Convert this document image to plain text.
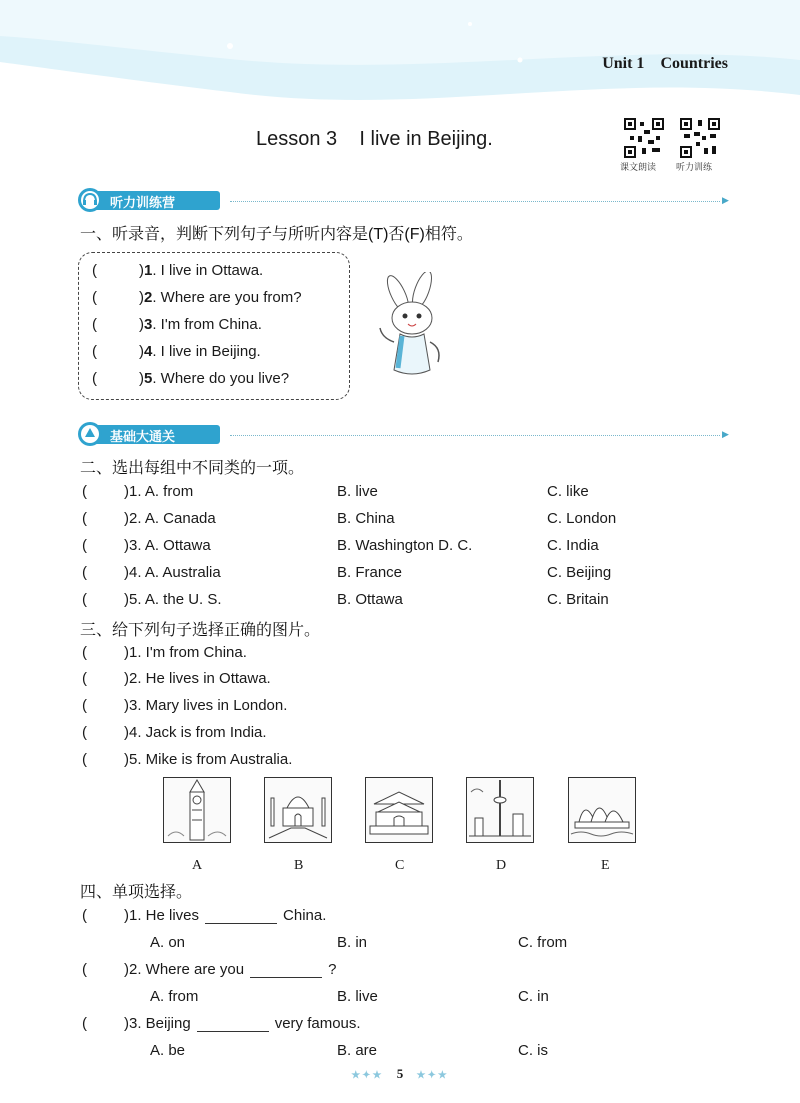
Unit 1 Countries
Lesson 3    I live in Beijing.
课文朗读 听力训练
听力训练营	▶
一、听录音，判断下列句子与所听内容是(T)否(F)相符。
(	)1. I live in Ottawa.
(	)2. Where are you from?
(	)3. I'm from China.
(	)4. I live in Beijing.
(	)5. Where do you live?
基础大通关	▶
二、选出每组中不同类的一项。
( )1. A. from	B. live	C. like
( )2. A. Canada	B. China	C. London
( )3. A. Ottawa	B. Washington D. C.	C. India
( )4. A. Australia	B. France	C. Beijing
( )5. A. the U. S.	B. Ottawa	C. Britain
三、给下列句子选择正确的图片。
( )1. I'm from China.
( )2. He lives in Ottawa.
( )3. Mary lives in London.
( )4. Jack is from India.
( )5. Mike is from Australia.
A	B	C	D	E
四、单项选择。
( )1. He lives	China.
A. on	B. in	C. from
( )2. Where are you	?
A. from	B. live	C. in
( )3. Beijing	very famous.
A. be	B. are	C. is
★✦★ 5 ★✦★
